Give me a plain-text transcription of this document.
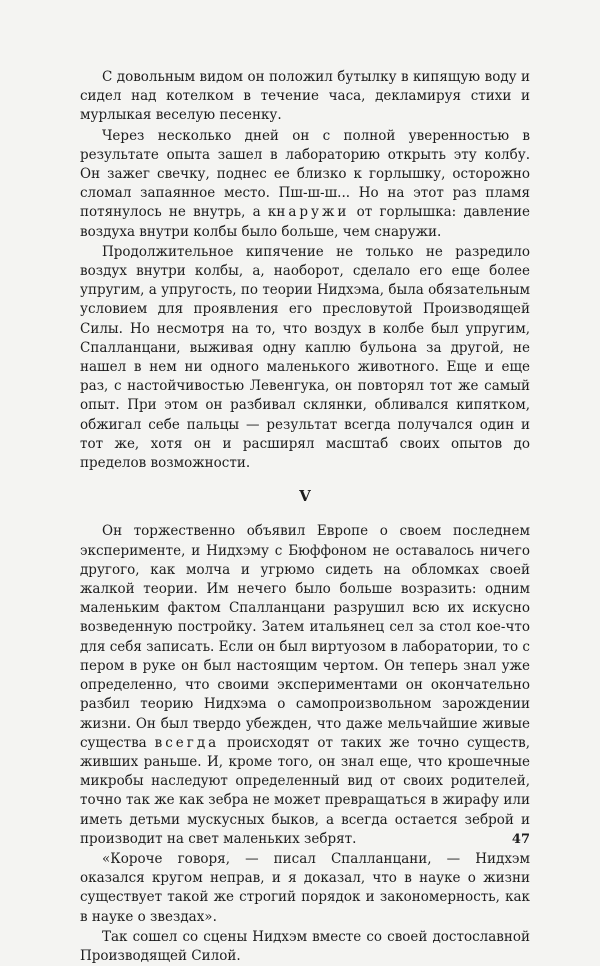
С довольным видом он положил бутылку в кипящую воду и сидел над котелком в течение часа, декламируя стихи и мурлыкая веселую песенку.

Через несколько дней он с полной уверенностью в результате опыта зашел в лабораторию открыть эту колбу. Он зажег свечку, поднес ее близко к горлышку, осторожно сломал запаянное место. Пш-ш-ш... Но на этот раз пламя потянулось не внутрь, а кнаружи от горлышка: давление воздуха внутри колбы было больше, чем снаружи.

Продолжительное кипячение не только не разредило воздух внутри колбы, а, наоборот, сделало его еще более упругим, а упругость, по теории Нидхэма, была обязательным условием для проявления его пресловутой Производящей Силы. Но несмотря на то, что воздух в колбе был упругим, Спалланцани, выживая одну каплю бульона за другой, не нашел в нем ни одного маленького животного. Еще и еще раз, с настойчивостью Левенгука, он повторял тот же самый опыт. При этом он разбивал склянки, обливался кипятком, обжигал себе пальцы — результат всегда получался один и тот же, хотя он и расширял масштаб своих опытов до пределов возможности.

V

Он торжественно объявил Европе о своем последнем эксперименте, и Нидхэму с Бюффоном не оставалось ничего другого, как молча и угрюмо сидеть на обломках своей жалкой теории. Им нечего было больше возразить: одним маленьким фактом Спалланцани разрушил всю их искусно возведенную постройку. Затем итальянец сел за стол кое-что для себя записать. Если он был виртуозом в лаборатории, то с пером в руке он был настоящим чертом. Он теперь знал уже определенно, что своими экспериментами он окончательно разбил теорию Нидхэма о самопроизвольном зарождении жизни. Он был твердо убежден, что даже мельчайшие живые существа всегда происходят от таких же точно существ, живших раньше. И, кроме того, он знал еще, что крошечные микробы наследуют определенный вид от своих родителей, точно так же как зебра не может превращаться в жирафу или иметь детьми мускусных быков, а всегда остается зеброй и производит на свет маленьких зебрят.

«Короче говоря, — писал Спалланцани, — Нидхэм оказался кругом неправ, и я доказал, что в науке о жизни существует такой же строгий порядок и закономерность, как в науке о звездах».

Так сошел со сцены Нидхэм вместе со своей достославной Производящей Силой.

47
